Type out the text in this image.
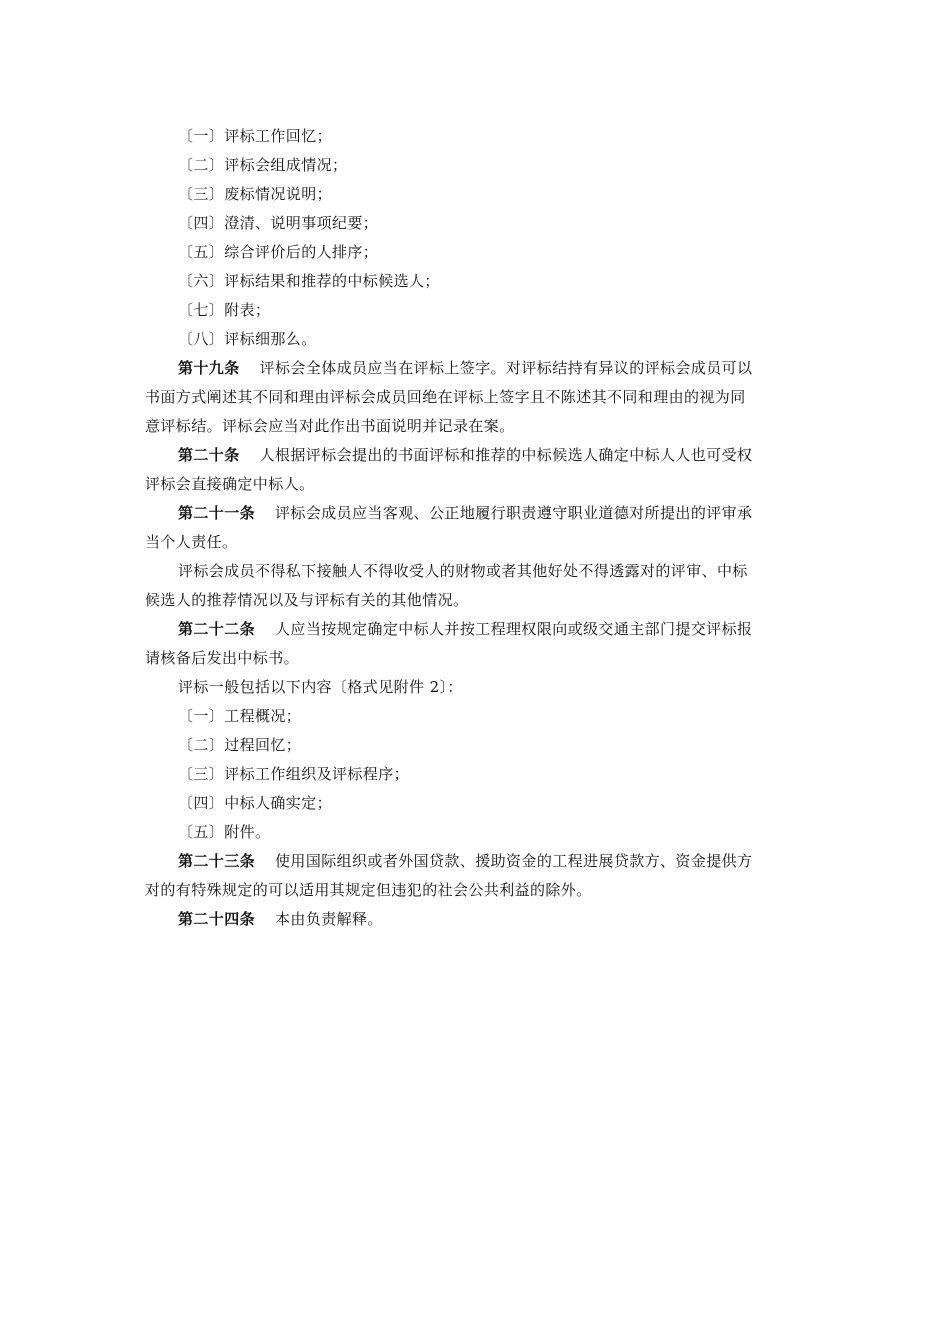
〔一〕评标工作回忆；
〔二〕评标会组成情况；
〔三〕废标情况说明；
〔四〕澄清、说明事项纪要；
〔五〕综合评价后的人排序；
〔六〕评标结果和推荐的中标候选人；
〔七〕附表；
〔八〕评标细那么。
第十九条 评标会全体成员应当在评标上签字。对评标结持有异议的评标会成员可以
书面方式阐述其不同和理由评标会成员回绝在评标上签字且不陈述其不同和理由的视为同
意评标结。评标会应当对此作出书面说明并记录在案。
第二十条 人根据评标会提出的书面评标和推荐的中标候选人确定中标人人也可受权
评标会直接确定中标人。
第二十一条 评标会成员应当客观、公正地履行职责遵守职业道德对所提出的评审承
当个人责任。
评标会成员不得私下接触人不得收受人的财物或者其他好处不得透露对的评审、中标
候选人的推荐情况以及与评标有关的其他情况。
第二十二条 人应当按规定确定中标人并按工程理权限向或级交通主部门提交评标报
请核备后发出中标书。
评标一般包括以下内容〔格式见附件 2〕：
〔一〕工程概况；
〔二〕过程回忆；
〔三〕评标工作组织及评标程序；
〔四〕中标人确实定；
〔五〕附件。
第二十三条 使用国际组织或者外国贷款、援助资金的工程进展贷款方、资金提供方
对的有特殊规定的可以适用其规定但违犯的社会公共利益的除外。
第二十四条 本由负责解释。
